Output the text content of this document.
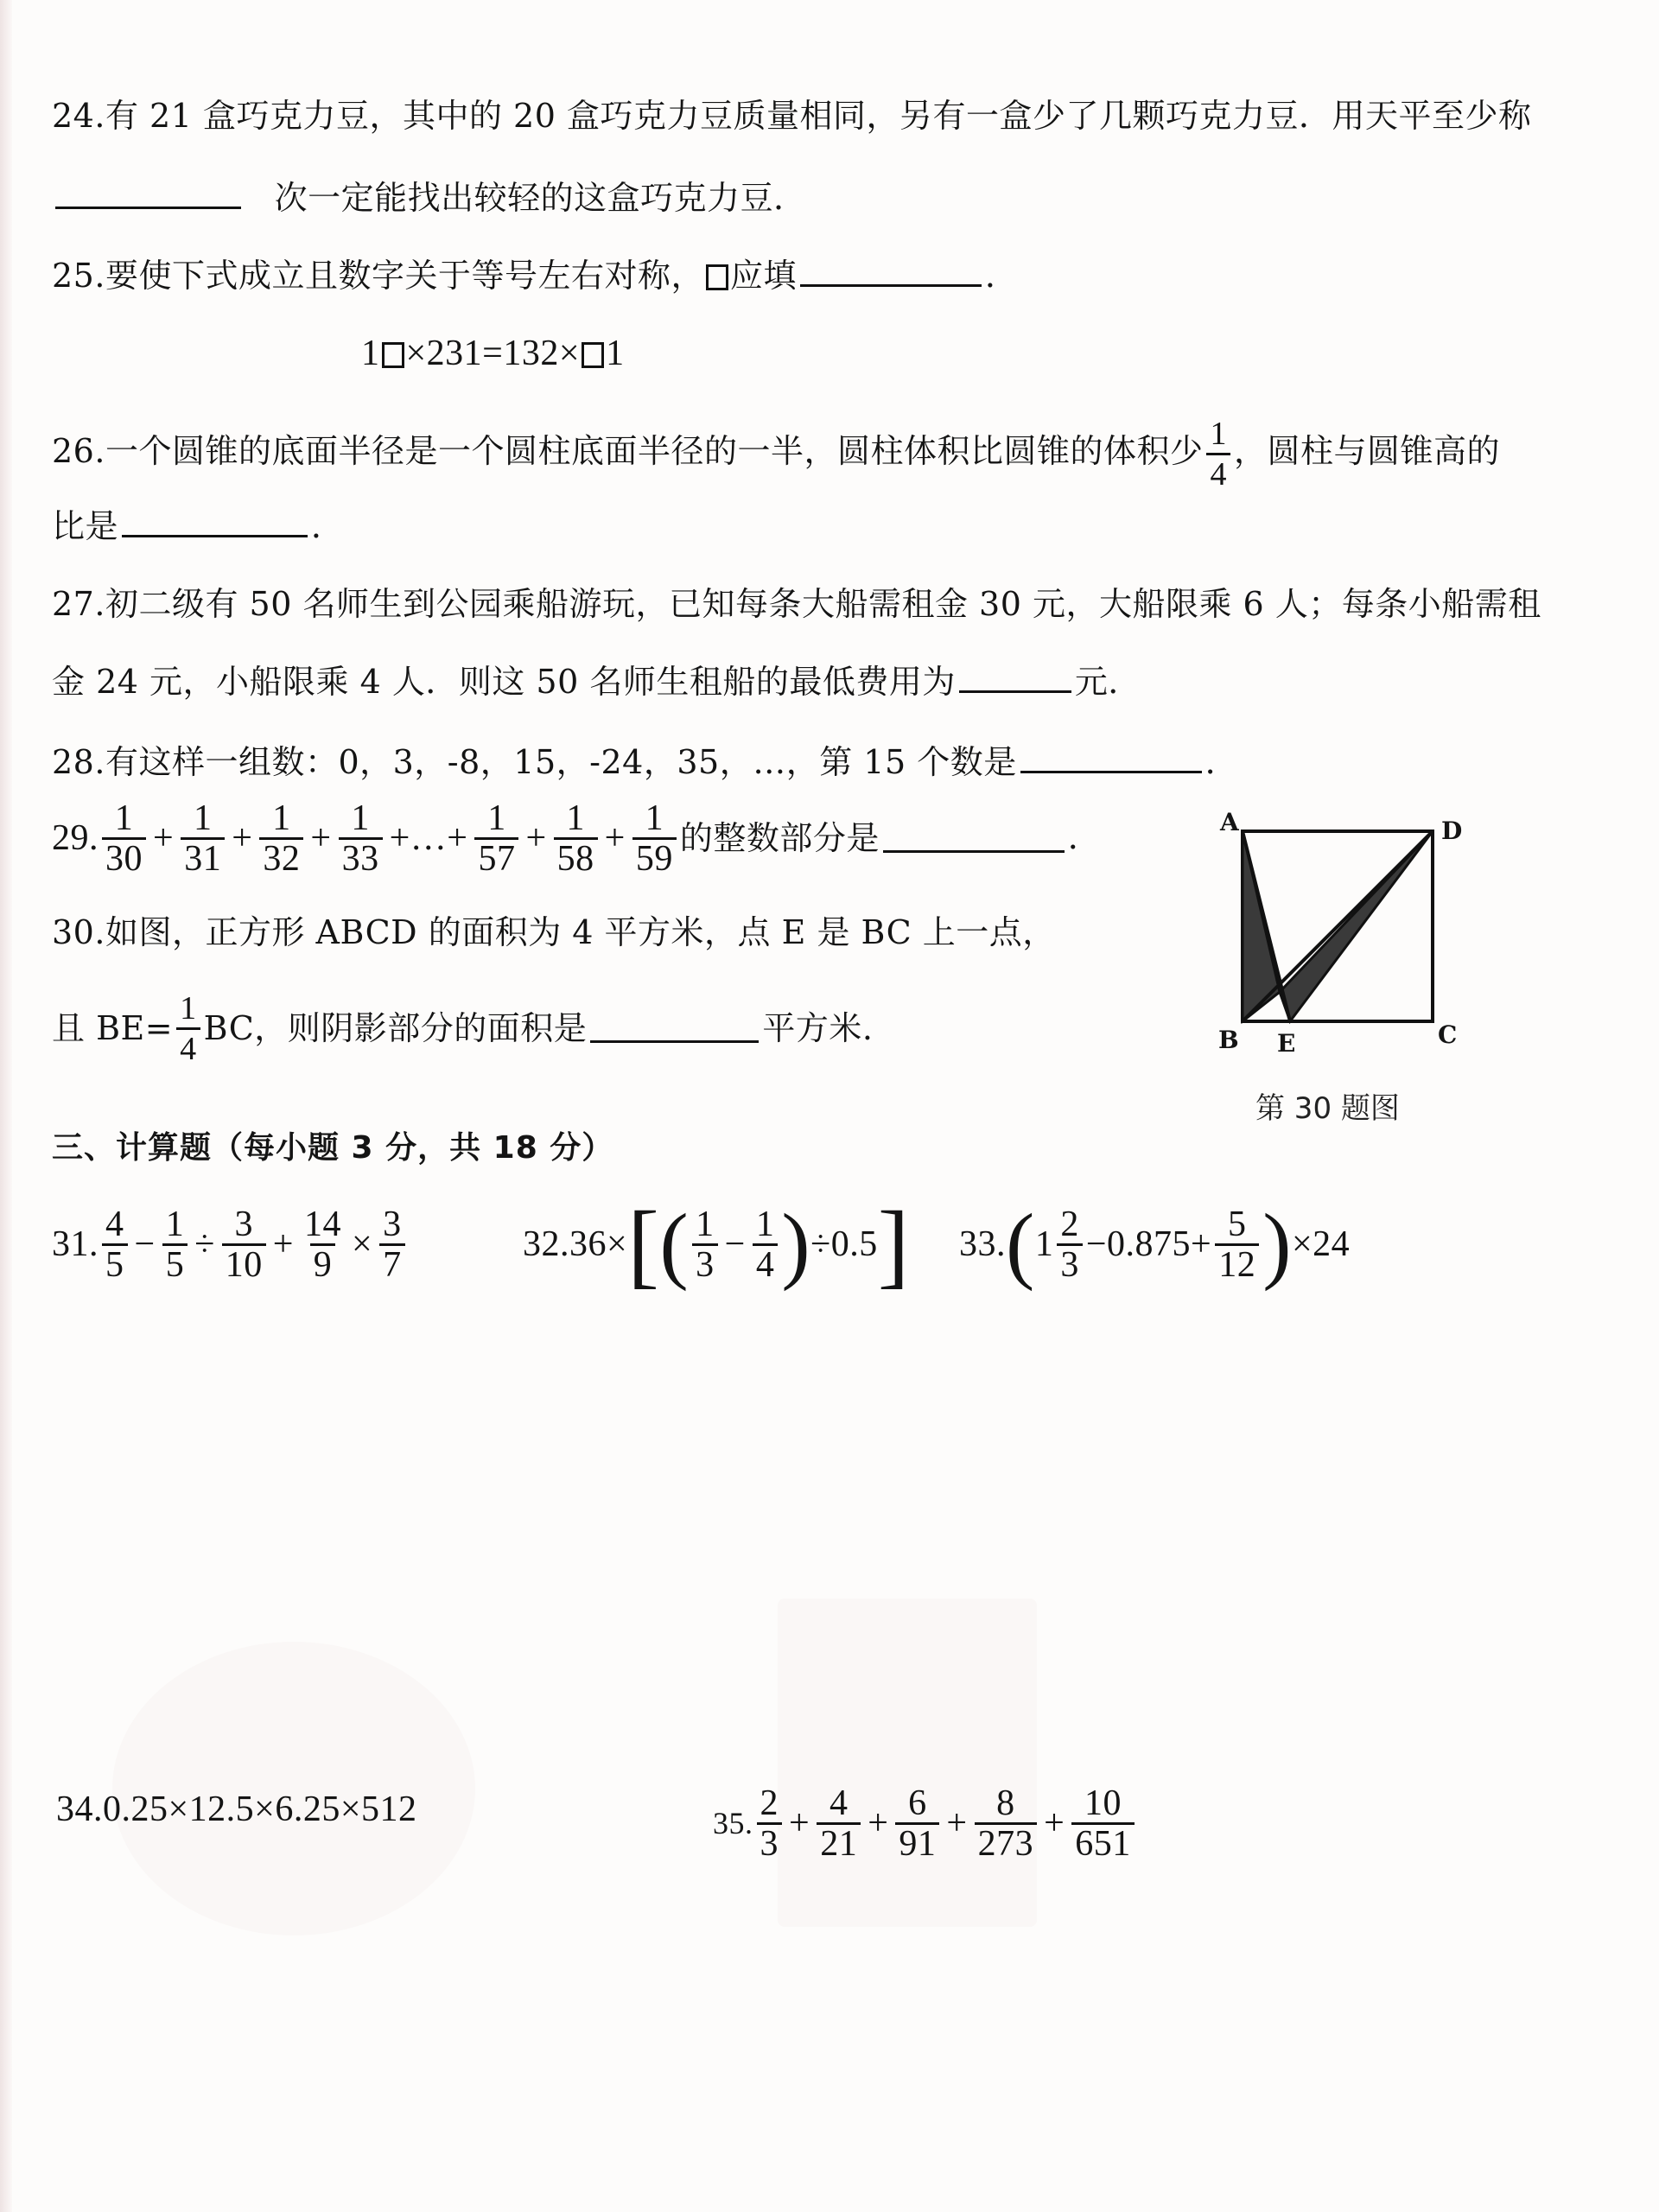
24.有 21 盒巧克力豆，其中的 20 盒巧克力豆质量相同，另有一盒少了几颗巧克力豆．用天平至少称
次一定能找出较轻的这盒巧克力豆．
25.要使下式成立且数字关于等号左右对称， 应填	．
1 ×231=132× 1
26.一个圆锥的底面半径是一个圆柱底面半径的一半，圆柱体积比圆锥的体积少 $\frac{1}{4}$ ，圆柱与圆锥高的
比是	．
27.初二级有 50 名师生到公园乘船游玩，已知每条大船需租金 30 元，大船限乘 6 人；每条小船需租
金 24 元，小船限乘 4 人．则这 50 名师生租船的最低费用为	元．
28.有这样一组数：0，3，-8，15，-24，35，…，第 15 个数是	．
29. $\frac{1}{30} + \frac{1}{31} + \frac{1}{32} + \frac{1}{33}$ +…+ $\frac{1}{57} + \frac{1}{58} + \frac{1}{59}$ 的整数部分是	．
30.如图，正方形 ABCD 的面积为 4 平方米，点 E 是 BC 上一点，
且 $BE= \frac{1}{4}$ BC，则阴影部分的面积是	平方米.
A	D
B E	C
第 30 题图
三、计算题（每小题 3 分，共 18 分）
31. $\frac{4}{5} - \frac{1}{5} \div \frac{3}{10} + \frac{14}{9} \times \frac{3}{7}$	32. 36× [ ( $\frac{1}{3} - \frac{1}{4}$ ) ÷0.5 ] 33. ( $1 \frac{2}{3} -0.875+ \frac{5}{12}$ ) ×24
34.0.25×12.5×6.25×512	35. $\frac{2}{3} + \frac{4}{21} + \frac{6}{91} + \frac{8}{273} + \frac{10}{651}$
